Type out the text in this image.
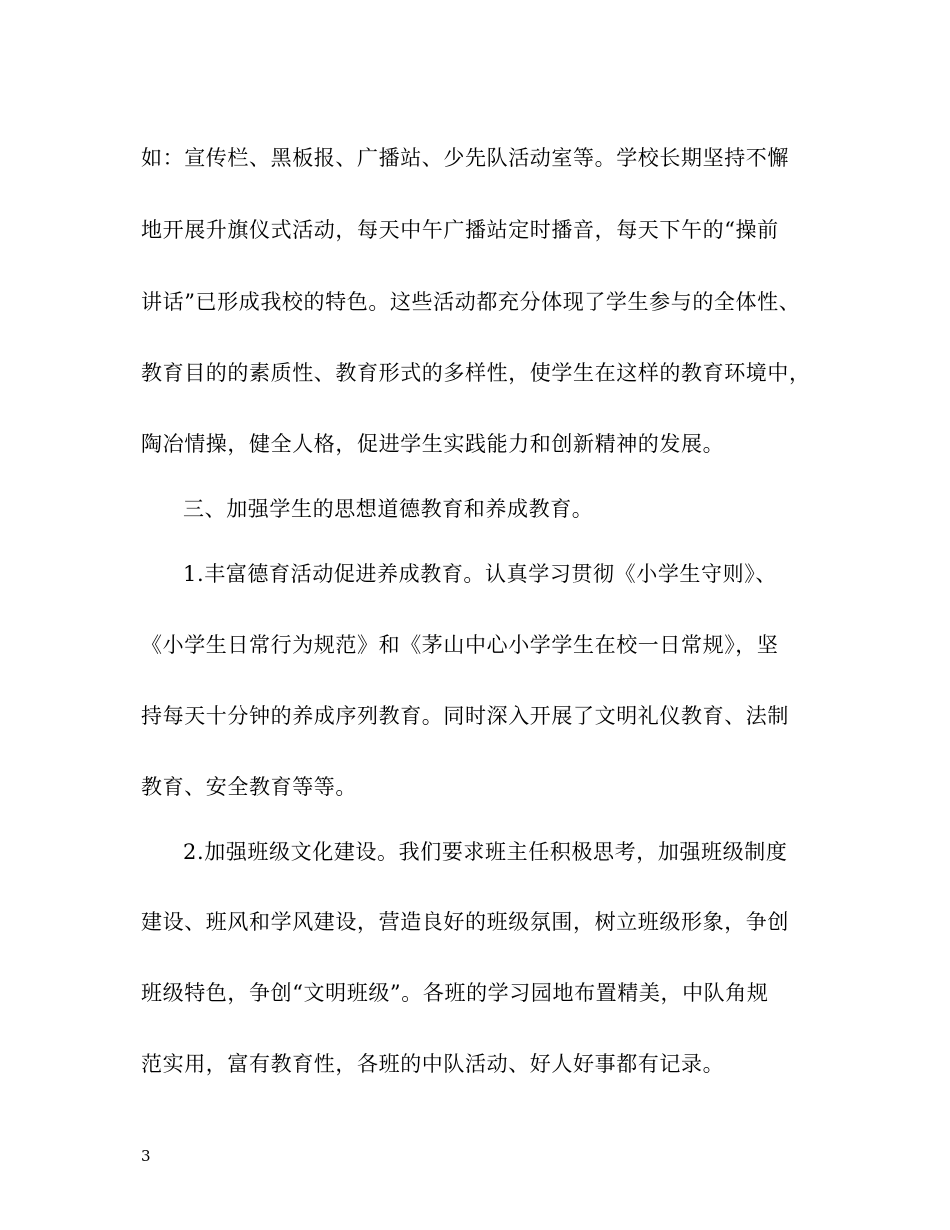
如：宣传栏、黑板报、广播站、少先队活动室等。学校长期坚持不懈
地开展升旗仪式活动，每天中午广播站定时播音，每天下午的“操前
讲话”已形成我校的特色。这些活动都充分体现了学生参与的全体性、
教育目的的素质性、教育形式的多样性，使学生在这样的教育环境中，
陶冶情操，健全人格，促进学生实践能力和创新精神的发展。
三、加强学生的思想道德教育和养成教育。
1.丰富德育活动促进养成教育。认真学习贯彻《小学生守则》、
《小学生日常行为规范》和《茅山中心小学学生在校一日常规》，坚
持每天十分钟的养成序列教育。同时深入开展了文明礼仪教育、法制
教育、安全教育等等。
2.加强班级文化建设。我们要求班主任积极思考，加强班级制度
建设、班风和学风建设，营造良好的班级氛围，树立班级形象，争创
班级特色，争创“文明班级”。各班的学习园地布置精美，中队角规
范实用，富有教育性，各班的中队活动、好人好事都有记录。
3
